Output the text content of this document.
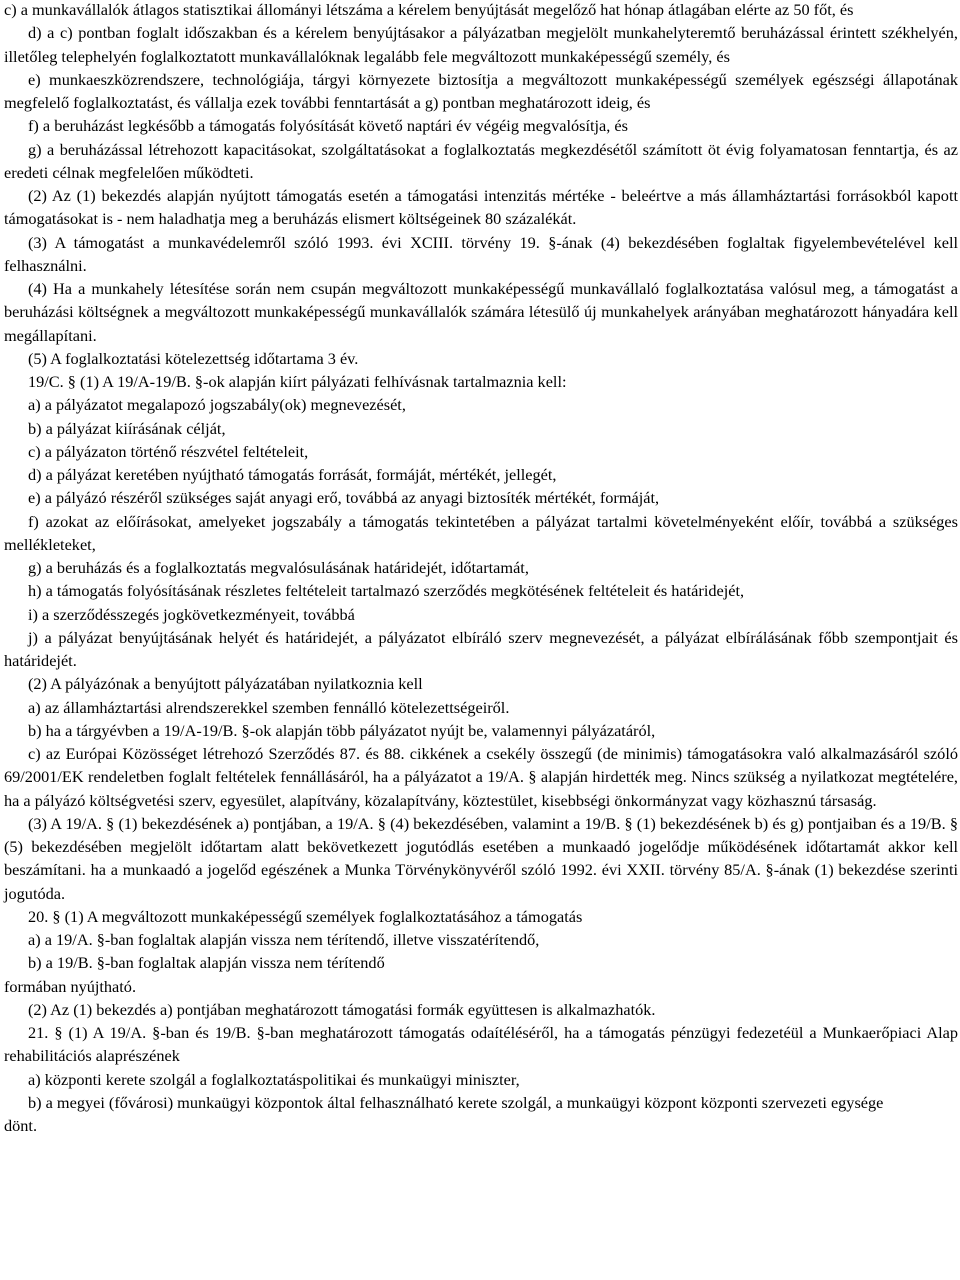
c) a munkavállalók átlagos statisztikai állományi létszáma a kérelem benyújtását megelőző hat hónap átlagában elérte az 50 főt, és

d) a c) pontban foglalt időszakban és a kérelem benyújtásakor a pályázatban megjelölt munkahelyteremtő beruházással érintett székhelyén, illetőleg telephelyén foglalkoztatott munkavállalóknak legalább fele megváltozott munkaképességű személy, és

e) munkaeszközrendszere, technológiája, tárgyi környezete biztosítja a megváltozott munkaképességű személyek egészségi állapotának megfelelő foglalkoztatást, és vállalja ezek további fenntartását a g) pontban meghatározott ideig, és

f) a beruházást legkésőbb a támogatás folyósítását követő naptári év végéig megvalósítja, és

g) a beruházással létrehozott kapacitásokat, szolgáltatásokat a foglalkoztatás megkezdésétől számított öt évig folyamatosan fenntartja, és az eredeti célnak megfelelően működteti.

(2) Az (1) bekezdés alapján nyújtott támogatás esetén a támogatási intenzitás mértéke - beleértve a más államháztartási forrásokból kapott támogatásokat is - nem haladhatja meg a beruházás elismert költségeinek 80 százalékát.

(3) A támogatást a munkavédelemről szóló 1993. évi XCIII. törvény 19. §-ának (4) bekezdésében foglaltak figyelembevételével kell felhasználni.

(4) Ha a munkahely létesítése során nem csupán megváltozott munkaképességű munkavállaló foglalkoztatása valósul meg, a támogatást a beruházási költségnek a megváltozott munkaképességű munkavállalók számára létesülő új munkahelyek arányában meghatározott hányadára kell megállapítani.

(5) A foglalkoztatási kötelezettség időtartama 3 év.

19/C. § (1) A 19/A-19/B. §-ok alapján kiírt pályázati felhívásnak tartalmaznia kell:

a) a pályázatot megalapozó jogszabály(ok) megnevezését,

b) a pályázat kiírásának célját,

c) a pályázaton történő részvétel feltételeit,

d) a pályázat keretében nyújtható támogatás forrását, formáját, mértékét, jellegét,

e) a pályázó részéről szükséges saját anyagi erő, továbbá az anyagi biztosíték mértékét, formáját,

f) azokat az előírásokat, amelyeket jogszabály a támogatás tekintetében a pályázat tartalmi követelményeként előír, továbbá a szükséges mellékleteket,

g) a beruházás és a foglalkoztatás megvalósulásának határidejét, időtartamát,

h) a támogatás folyósításának részletes feltételeit tartalmazó szerződés megkötésének feltételeit és határidejét,

i) a szerződésszegés jogkövetkezményeit, továbbá

j) a pályázat benyújtásának helyét és határidejét, a pályázatot elbíráló szerv megnevezését, a pályázat elbírálásának főbb szempontjait és határidejét.

(2) A pályázónak a benyújtott pályázatában nyilatkoznia kell

a) az államháztartási alrendszerekkel szemben fennálló kötelezettségeiről.

b) ha a tárgyévben a 19/A-19/B. §-ok alapján több pályázatot nyújt be, valamennyi pályázatáról,

c) az Európai Közösséget létrehozó Szerződés 87. és 88. cikkének a csekély összegű (de minimis) támogatásokra való alkalmazásáról szóló 69/2001/EK rendeletben foglalt feltételek fennállásáról, ha a pályázatot a 19/A. § alapján hirdették meg. Nincs szükség a nyilatkozat megtételére, ha a pályázó költségvetési szerv, egyesület, alapítvány, közalapítvány, köztestület, kisebbségi önkormányzat vagy közhasznú társaság.

(3) A 19/A. § (1) bekezdésének a) pontjában, a 19/A. § (4) bekezdésében, valamint a 19/B. § (1) bekezdésének b) és g) pontjaiban és a 19/B. § (5) bekezdésében megjelölt időtartam alatt bekövetkezett jogutódlás esetében a munkaadó jogelődje működésének időtartamát akkor kell beszámítani. ha a munkaadó a jogelőd egészének a Munka Törvénykönyvéről szóló 1992. évi XXII. törvény 85/A. §-ának (1) bekezdése szerinti jogutóda.

20. § (1) A megváltozott munkaképességű személyek foglalkoztatásához a támogatás

a) a 19/A. §-ban foglaltak alapján vissza nem térítendő, illetve visszatérítendő,

b) a 19/B. §-ban foglaltak alapján vissza nem térítendő

formában nyújtható.

(2) Az (1) bekezdés a) pontjában meghatározott támogatási formák együttesen is alkalmazhatók.

21. § (1) A 19/A. §-ban és 19/B. §-ban meghatározott támogatás odaítéléséről, ha a támogatás pénzügyi fedezetéül a Munkaerőpiaci Alap rehabilitációs alaprészének

a) központi kerete szolgál a foglalkoztatáspolitikai és munkaügyi miniszter,

b) a megyei (fővárosi) munkaügyi központok által felhasználható kerete szolgál, a munkaügyi központ központi szervezeti egysége

dönt.
